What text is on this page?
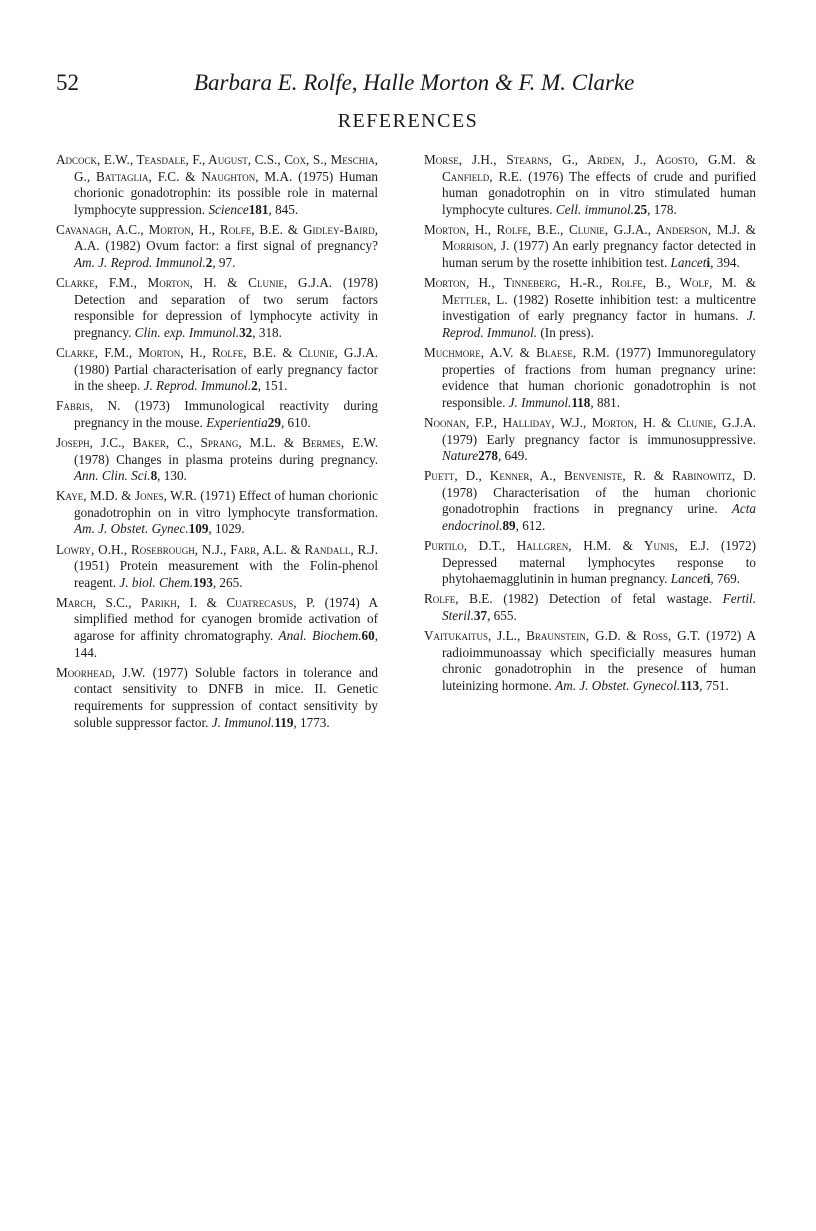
52	Barbara E. Rolfe, Halle Morton & F. M. Clarke
REFERENCES

Adcock, E.W., Teasdale, F., August, C.S., Cox, S., Meschia, G., Battaglia, F.C. & Naughton, M.A. (1975) Human chorionic gonadotrophin: its possible role in maternal lymphocyte suppression. Science181, 845.

Cavanagh, A.C., Morton, H., Rolfe, B.E. & Gidley-Baird, A.A. (1982) Ovum factor: a first signal of pregnancy? Am. J. Reprod. Immunol.2, 97.

Clarke, F.M., Morton, H. & Clunie, G.J.A. (1978) Detection and separation of two serum factors responsible for depression of lymphocyte activity in pregnancy. Clin. exp. Immunol.32, 318.

Clarke, F.M., Morton, H., Rolfe, B.E. & Clunie, G.J.A. (1980) Partial characterisation of early pregnancy factor in the sheep. J. Reprod. Immunol.2, 151.

Fabris, N. (1973) Immunological reactivity during pregnancy in the mouse. Experientia29, 610.

Joseph, J.C., Baker, C., Sprang, M.L. & Bermes, E.W. (1978) Changes in plasma proteins during pregnancy. Ann. Clin. Sci.8, 130.

Kaye, M.D. & Jones, W.R. (1971) Effect of human chorionic gonadotrophin on in vitro lymphocyte transformation. Am. J. Obstet. Gynec.109, 1029.

Lowry, O.H., Rosebrough, N.J., Farr, A.L. & Randall, R.J. (1951) Protein measurement with the Folin-phenol reagent. J. biol. Chem.193, 265.

March, S.C., Parikh, I. & Cuatrecasus, P. (1974) A simplified method for cyanogen bromide activation of agarose for affinity chromatography. Anal. Biochem.60, 144.

Moorhead, J.W. (1977) Soluble factors in tolerance and contact sensitivity to DNFB in mice. II. Genetic requirements for suppression of contact sensitivity by soluble suppressor factor. J. Immunol.119, 1773.

Morse, J.H., Stearns, G., Arden, J., Agosto, G.M. & Canfield, R.E. (1976) The effects of crude and purified human gonadotrophin on in vitro stimulated human lymphocyte cultures. Cell. immunol.25, 178.

Morton, H., Rolfe, B.E., Clunie, G.J.A., Anderson, M.J. & Morrison, J. (1977) An early pregnancy factor detected in human serum by the rosette inhibition test. Lanceti, 394.

Morton, H., Tinneberg, H.-R., Rolfe, B., Wolf, M. & Mettler, L. (1982) Rosette inhibition test: a multicentre investigation of early pregnancy factor in humans. J. Reprod. Immunol. (In press).

Muchmore, A.V. & Blaese, R.M. (1977) Immunoregulatory properties of fractions from human pregnancy urine: evidence that human chorionic gonadotrophin is not responsible. J. Immunol.118, 881.

Noonan, F.P., Halliday, W.J., Morton, H. & Clunie, G.J.A. (1979) Early pregnancy factor is immunosuppressive. Nature278, 649.

Puett, D., Kenner, A., Benveniste, R. & Rabinowitz, D. (1978) Characterisation of the human chorionic gonadotrophin fractions in pregnancy urine. Acta endocrinol.89, 612.

Purtilo, D.T., Hallgren, H.M. & Yunis, E.J. (1972) Depressed maternal lymphocytes response to phytohaemagglutinin in human pregnancy. Lanceti, 769.

Rolfe, B.E. (1982) Detection of fetal wastage. Fertil. Steril.37, 655.

Vaitukaitus, J.L., Braunstein, G.D. & Ross, G.T. (1972) A radioimmunoassay which specificially measures human chronic gonadotrophin in the presence of human luteinizing hormone. Am. J. Obstet. Gynecol.113, 751.
